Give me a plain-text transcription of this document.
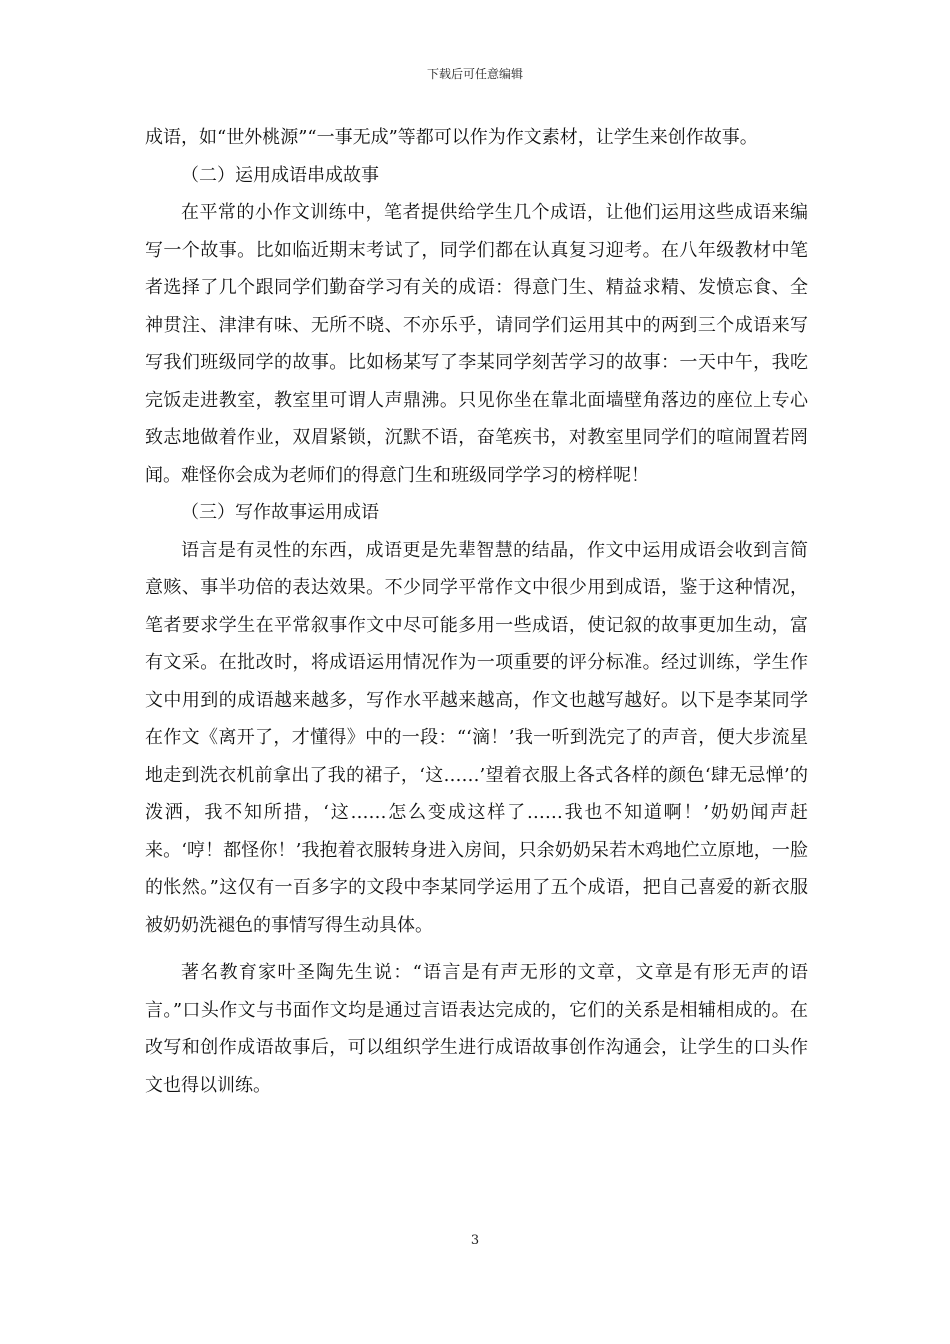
下载后可任意编辑

成语，如“世外桃源”“一事无成”等都可以作为作文素材，让学生来创作故事。

（二）运用成语串成故事

在平常的小作文训练中，笔者提供给学生几个成语，让他们运用这些成语来编写一个故事。比如临近期末考试了，同学们都在认真复习迎考。在八年级教材中笔者选择了几个跟同学们勤奋学习有关的成语：得意门生、精益求精、发愤忘食、全神贯注、津津有味、无所不晓、不亦乐乎，请同学们运用其中的两到三个成语来写写我们班级同学的故事。比如杨某写了李某同学刻苦学习的故事：一天中午，我吃完饭走进教室，教室里可谓人声鼎沸。只见你坐在靠北面墙壁角落边的座位上专心致志地做着作业，双眉紧锁，沉默不语，奋笔疾书，对教室里同学们的喧闹置若罔闻。难怪你会成为老师们的得意门生和班级同学学习的榜样呢！

（三）写作故事运用成语

语言是有灵性的东西，成语更是先辈智慧的结晶，作文中运用成语会收到言简意赅、事半功倍的表达效果。不少同学平常作文中很少用到成语，鉴于这种情况，笔者要求学生在平常叙事作文中尽可能多用一些成语，使记叙的故事更加生动，富有文采。在批改时，将成语运用情况作为一项重要的评分标准。经过训练，学生作文中用到的成语越来越多，写作水平越来越高，作文也越写越好。以下是李某同学在作文《离开了，才懂得》中的一段：“‘滴！’我一听到洗完了的声音，便大步流星地走到洗衣机前拿出了我的裙子，‘这……’望着衣服上各式各样的颜色‘肆无忌惮’的泼洒，我不知所措，‘这……怎么变成这样了……我也不知道啊！’奶奶闻声赶来。‘哼！都怪你！’我抱着衣服转身进入房间，只余奶奶呆若木鸡地伫立原地，一脸的怅然。”这仅有一百多字的文段中李某同学运用了五个成语，把自己喜爱的新衣服被奶奶洗褪色的事情写得生动具体。

著名教育家叶圣陶先生说：“语言是有声无形的文章，文章是有形无声的语言。”口头作文与书面作文均是通过言语表达完成的，它们的关系是相辅相成的。在改写和创作成语故事后，可以组织学生进行成语故事创作沟通会，让学生的口头作文也得以训练。

3
